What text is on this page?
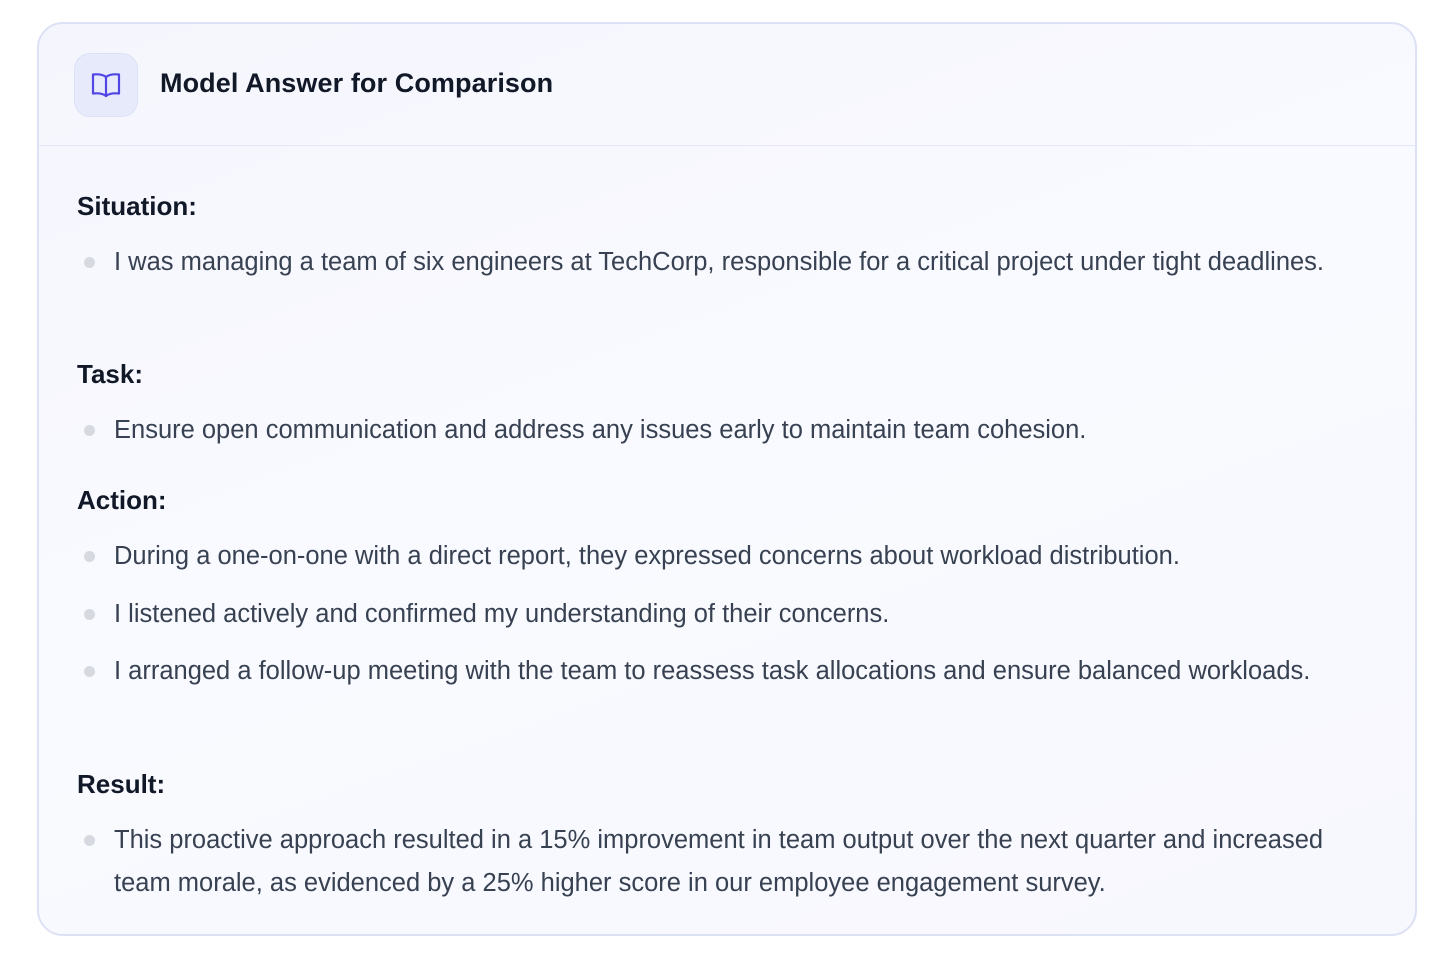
Model Answer for Comparison
Situation:
I was managing a team of six engineers at TechCorp, responsible for a critical project under tight deadlines.
Task:
Ensure open communication and address any issues early to maintain team cohesion.
Action:
During a one-on-one with a direct report, they expressed concerns about workload distribution.
I listened actively and confirmed my understanding of their concerns.
I arranged a follow-up meeting with the team to reassess task allocations and ensure balanced workloads.
Result:
This proactive approach resulted in a 15% improvement in team output over the next quarter and increased team morale, as evidenced by a 25% higher score in our employee engagement survey.
